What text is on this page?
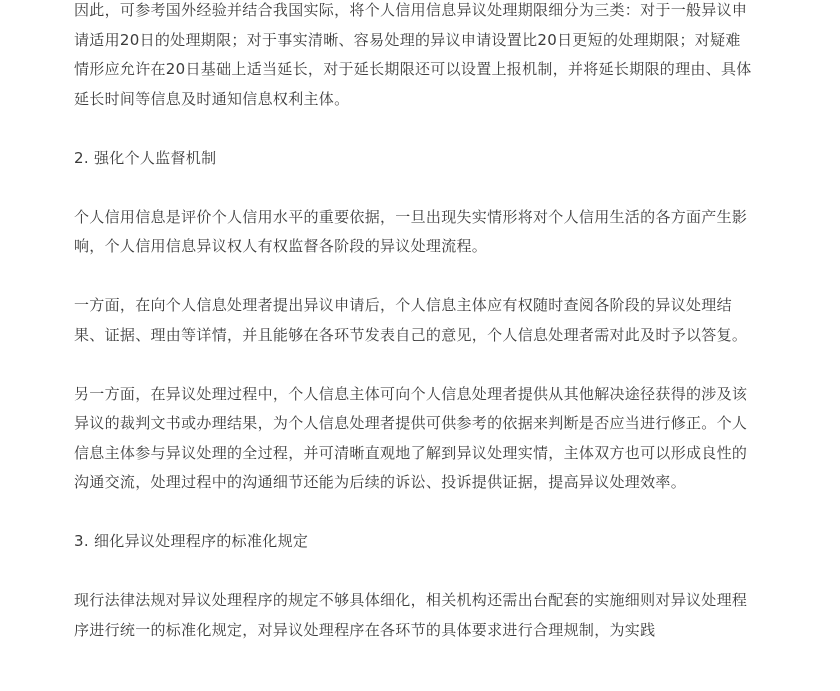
因此，可参考国外经验并结合我国实际，将个人信用信息异议处理期限细分为三类：对于一般异议申请适用20日的处理期限；对于事实清晰、容易处理的异议申请设置比20日更短的处理期限；对疑难情形应允许在20日基础上适当延长，对于延长期限还可以设置上报机制，并将延长期限的理由、具体延长时间等信息及时通知信息权利主体。

2. 强化个人监督机制

个人信用信息是评价个人信用水平的重要依据，一旦出现失实情形将对个人信用生活的各方面产生影响，个人信用信息异议权人有权监督各阶段的异议处理流程。

一方面，在向个人信息处理者提出异议申请后，个人信息主体应有权随时查阅各阶段的异议处理结果、证据、理由等详情，并且能够在各环节发表自己的意见，个人信息处理者需对此及时予以答复。

另一方面，在异议处理过程中，个人信息主体可向个人信息处理者提供从其他解决途径获得的涉及该异议的裁判文书或办理结果，为个人信息处理者提供可供参考的依据来判断是否应当进行修正。个人信息主体参与异议处理的全过程，并可清晰直观地了解到异议处理实情，主体双方也可以形成良性的沟通交流，处理过程中的沟通细节还能为后续的诉讼、投诉提供证据，提高异议处理效率。

3. 细化异议处理程序的标准化规定

现行法律法规对异议处理程序的规定不够具体细化，相关机构还需出台配套的实施细则对异议处理程序进行统一的标准化规定，对异议处理程序在各环节的具体要求进行合理规制，为实践
